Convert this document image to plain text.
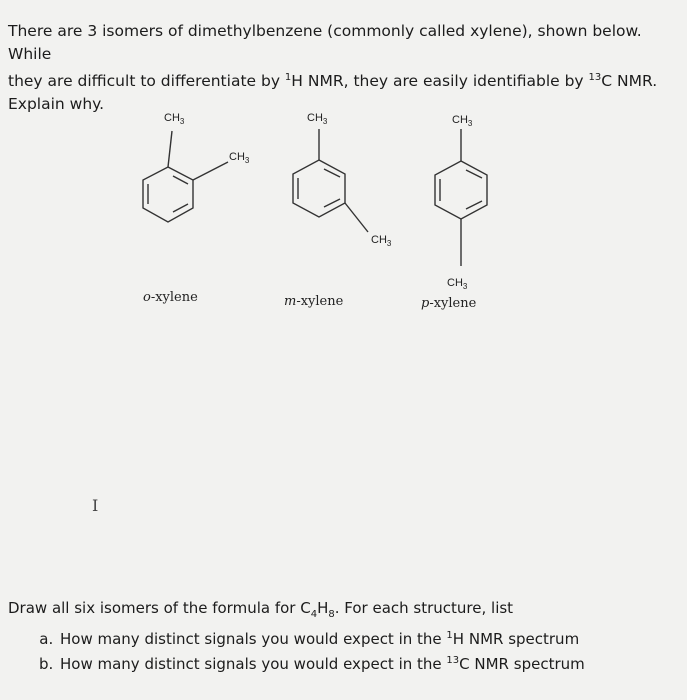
There are 3 isomers of dimethylbenzene (commonly called xylene), shown below. While
they are difficult to differentiate by $^1$H NMR, they are easily identifiable by $^{13}$C NMR.
Explain why.
$CH_3$
$CH_3$
$CH_3$
$CH_3$
$CH_3$
$CH_3$
o-xylene	m-xylene	p-xylene
I
Draw all six isomers of the formula for $C_4H_8$. For each structure, list
a. How many distinct signals you would expect in the $^1$H NMR spectrum
b. How many distinct signals you would expect in the $^{13}$C NMR spectrum
